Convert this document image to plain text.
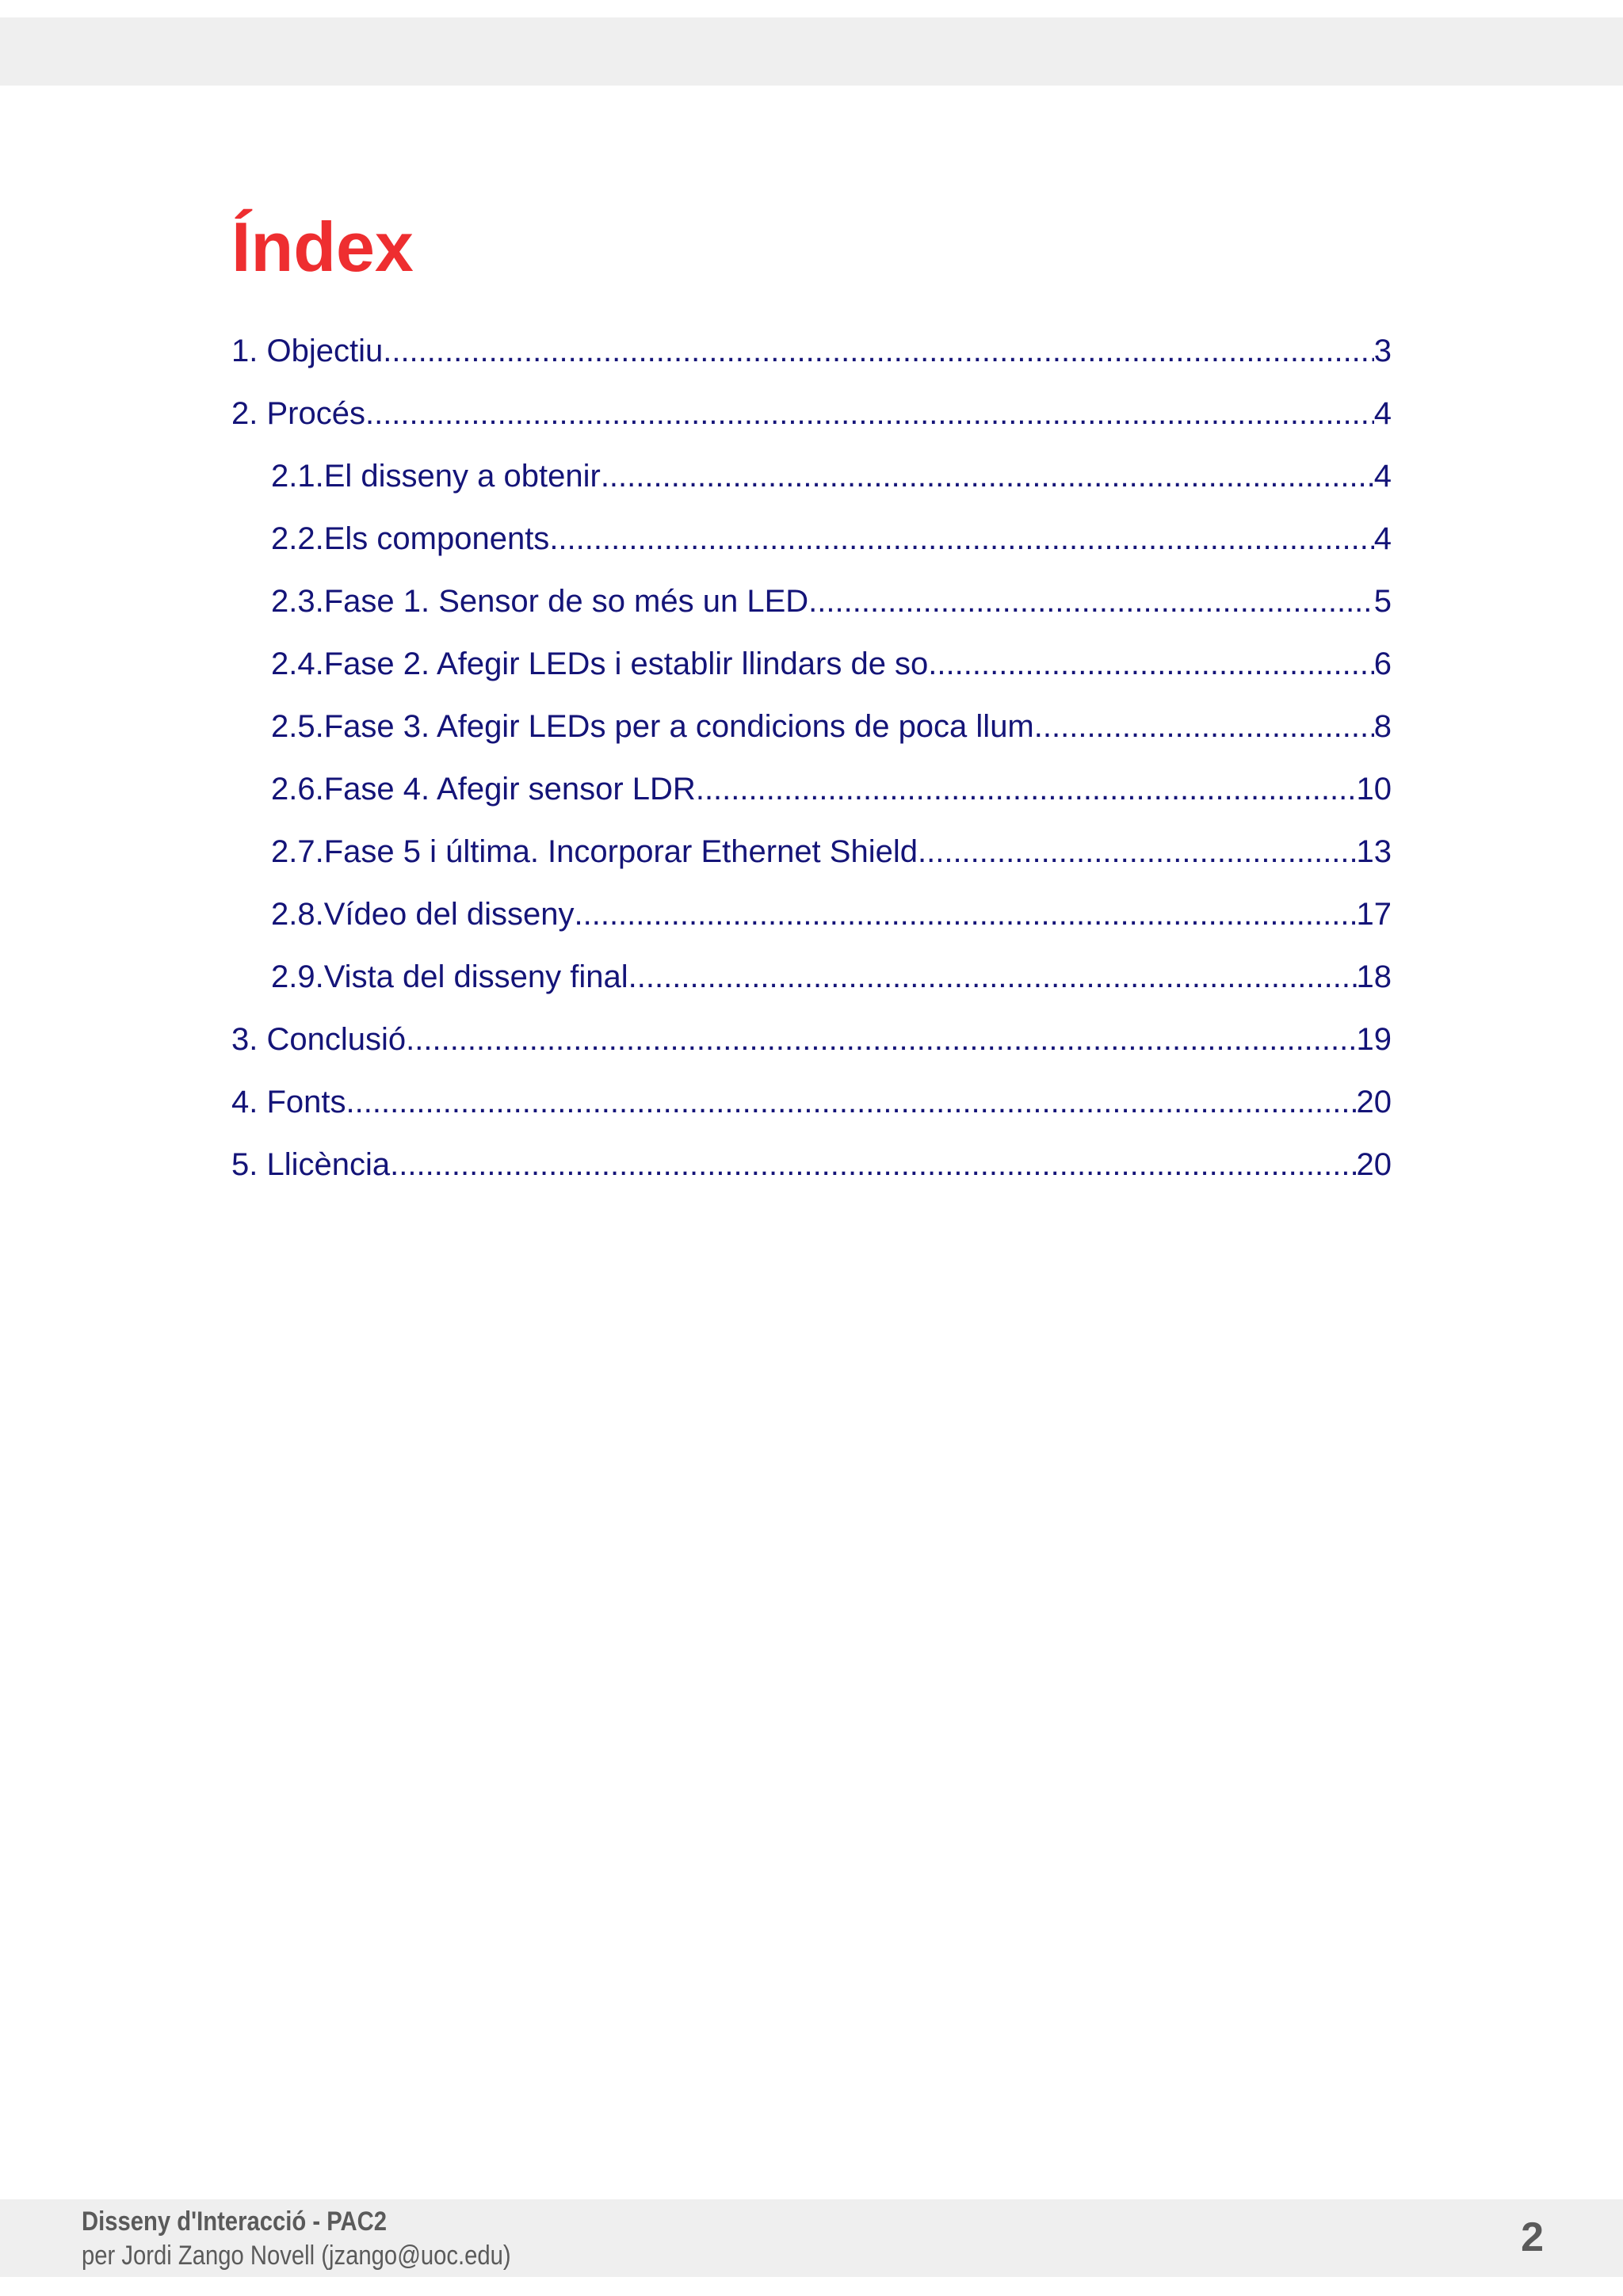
Índex
1. Objectiu .....	3
2. Procés .....	4
2.1.El disseny a obtenir .....	4
2.2.Els components .....	4
2.3.Fase 1. Sensor de so més un LED .....	5
2.4.Fase 2. Afegir LEDs i establir llindars de so .....	6
2.5.Fase 3. Afegir LEDs per a condicions de poca llum .....	8
2.6.Fase 4. Afegir sensor LDR .....	10
2.7.Fase 5 i última. Incorporar Ethernet Shield .....	13
2.8.Vídeo del disseny .....	17
2.9.Vista del disseny final .....	18
3. Conclusió .....	19
4. Fonts .....	20
5. Llicència .....	20
Disseny d'Interacció - PAC2
per Jordi Zango Novell (jzango@uoc.edu)	2
